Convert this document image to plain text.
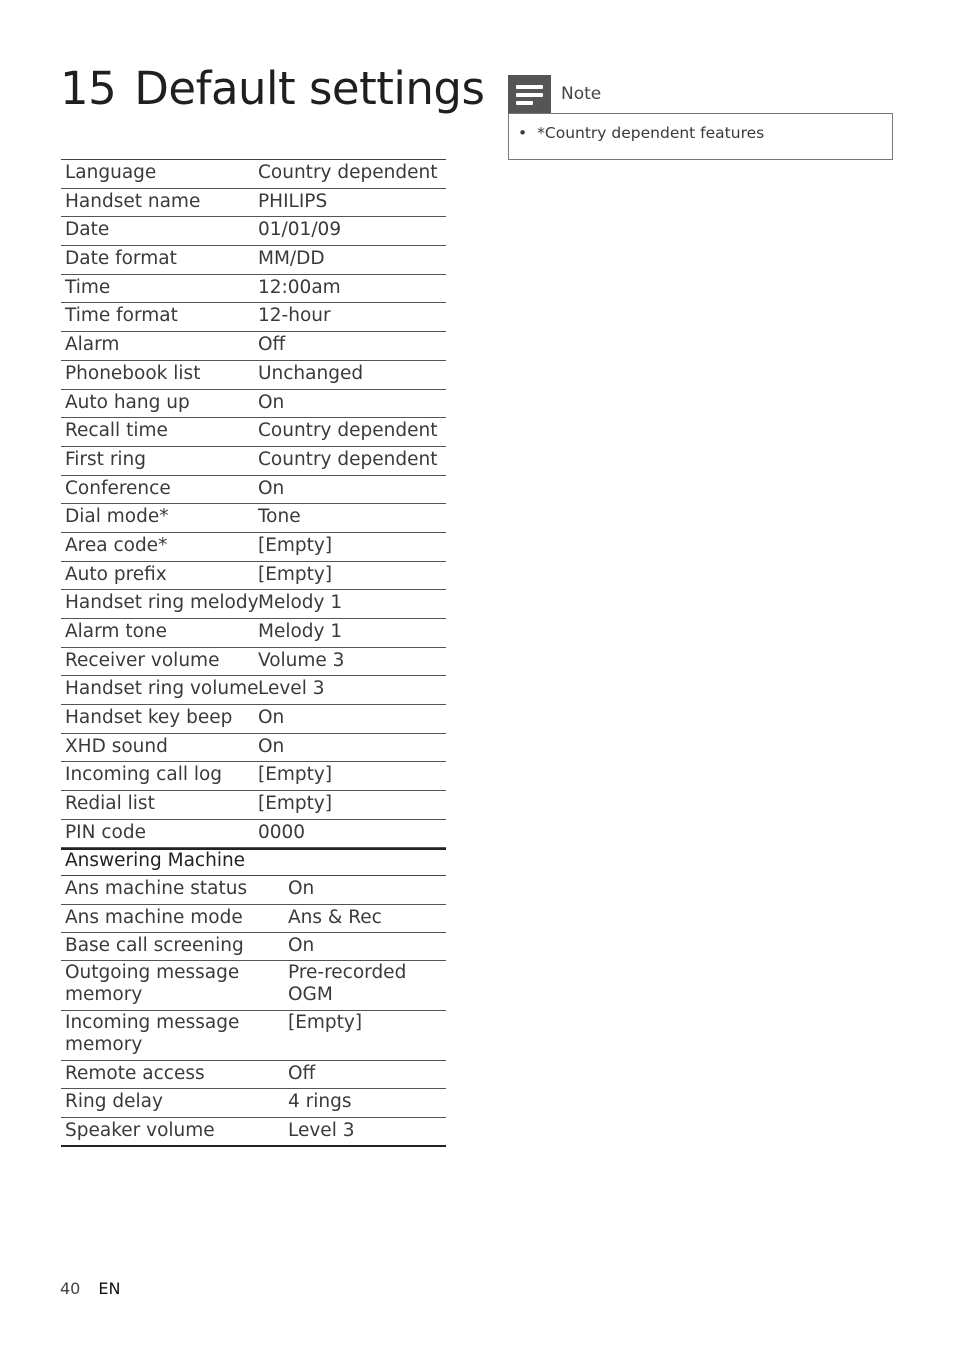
15 Default settings
Language	Country dependent
Handset name	PHILIPS
Date	01/01/09
Date format	MM/DD
Time	12:00am
Time format	12-hour
Alarm	Off
Phonebook list	Unchanged
Auto hang up	On
Recall time	Country dependent
First ring	Country dependent
Conference	On
Dial mode*	Tone
Area code*	[Empty]
Auto prefix	[Empty]
Handset ring melody	Melody 1
Alarm tone	Melody 1
Receiver volume	Volume 3
Handset ring volume	Level 3
Handset key beep	On
XHD sound	On
Incoming call log	[Empty]
Redial list	[Empty]
PIN code	0000
Answering Machine	
Ans machine status	On
Ans machine mode	Ans & Rec
Base call screening	On
Outgoing message memory	Pre-recorded OGM
Incoming message memory	[Empty]
Remote access	Off
Ring delay	4 rings
Speaker volume	Level 3
Note
• *Country dependent features
40 EN
